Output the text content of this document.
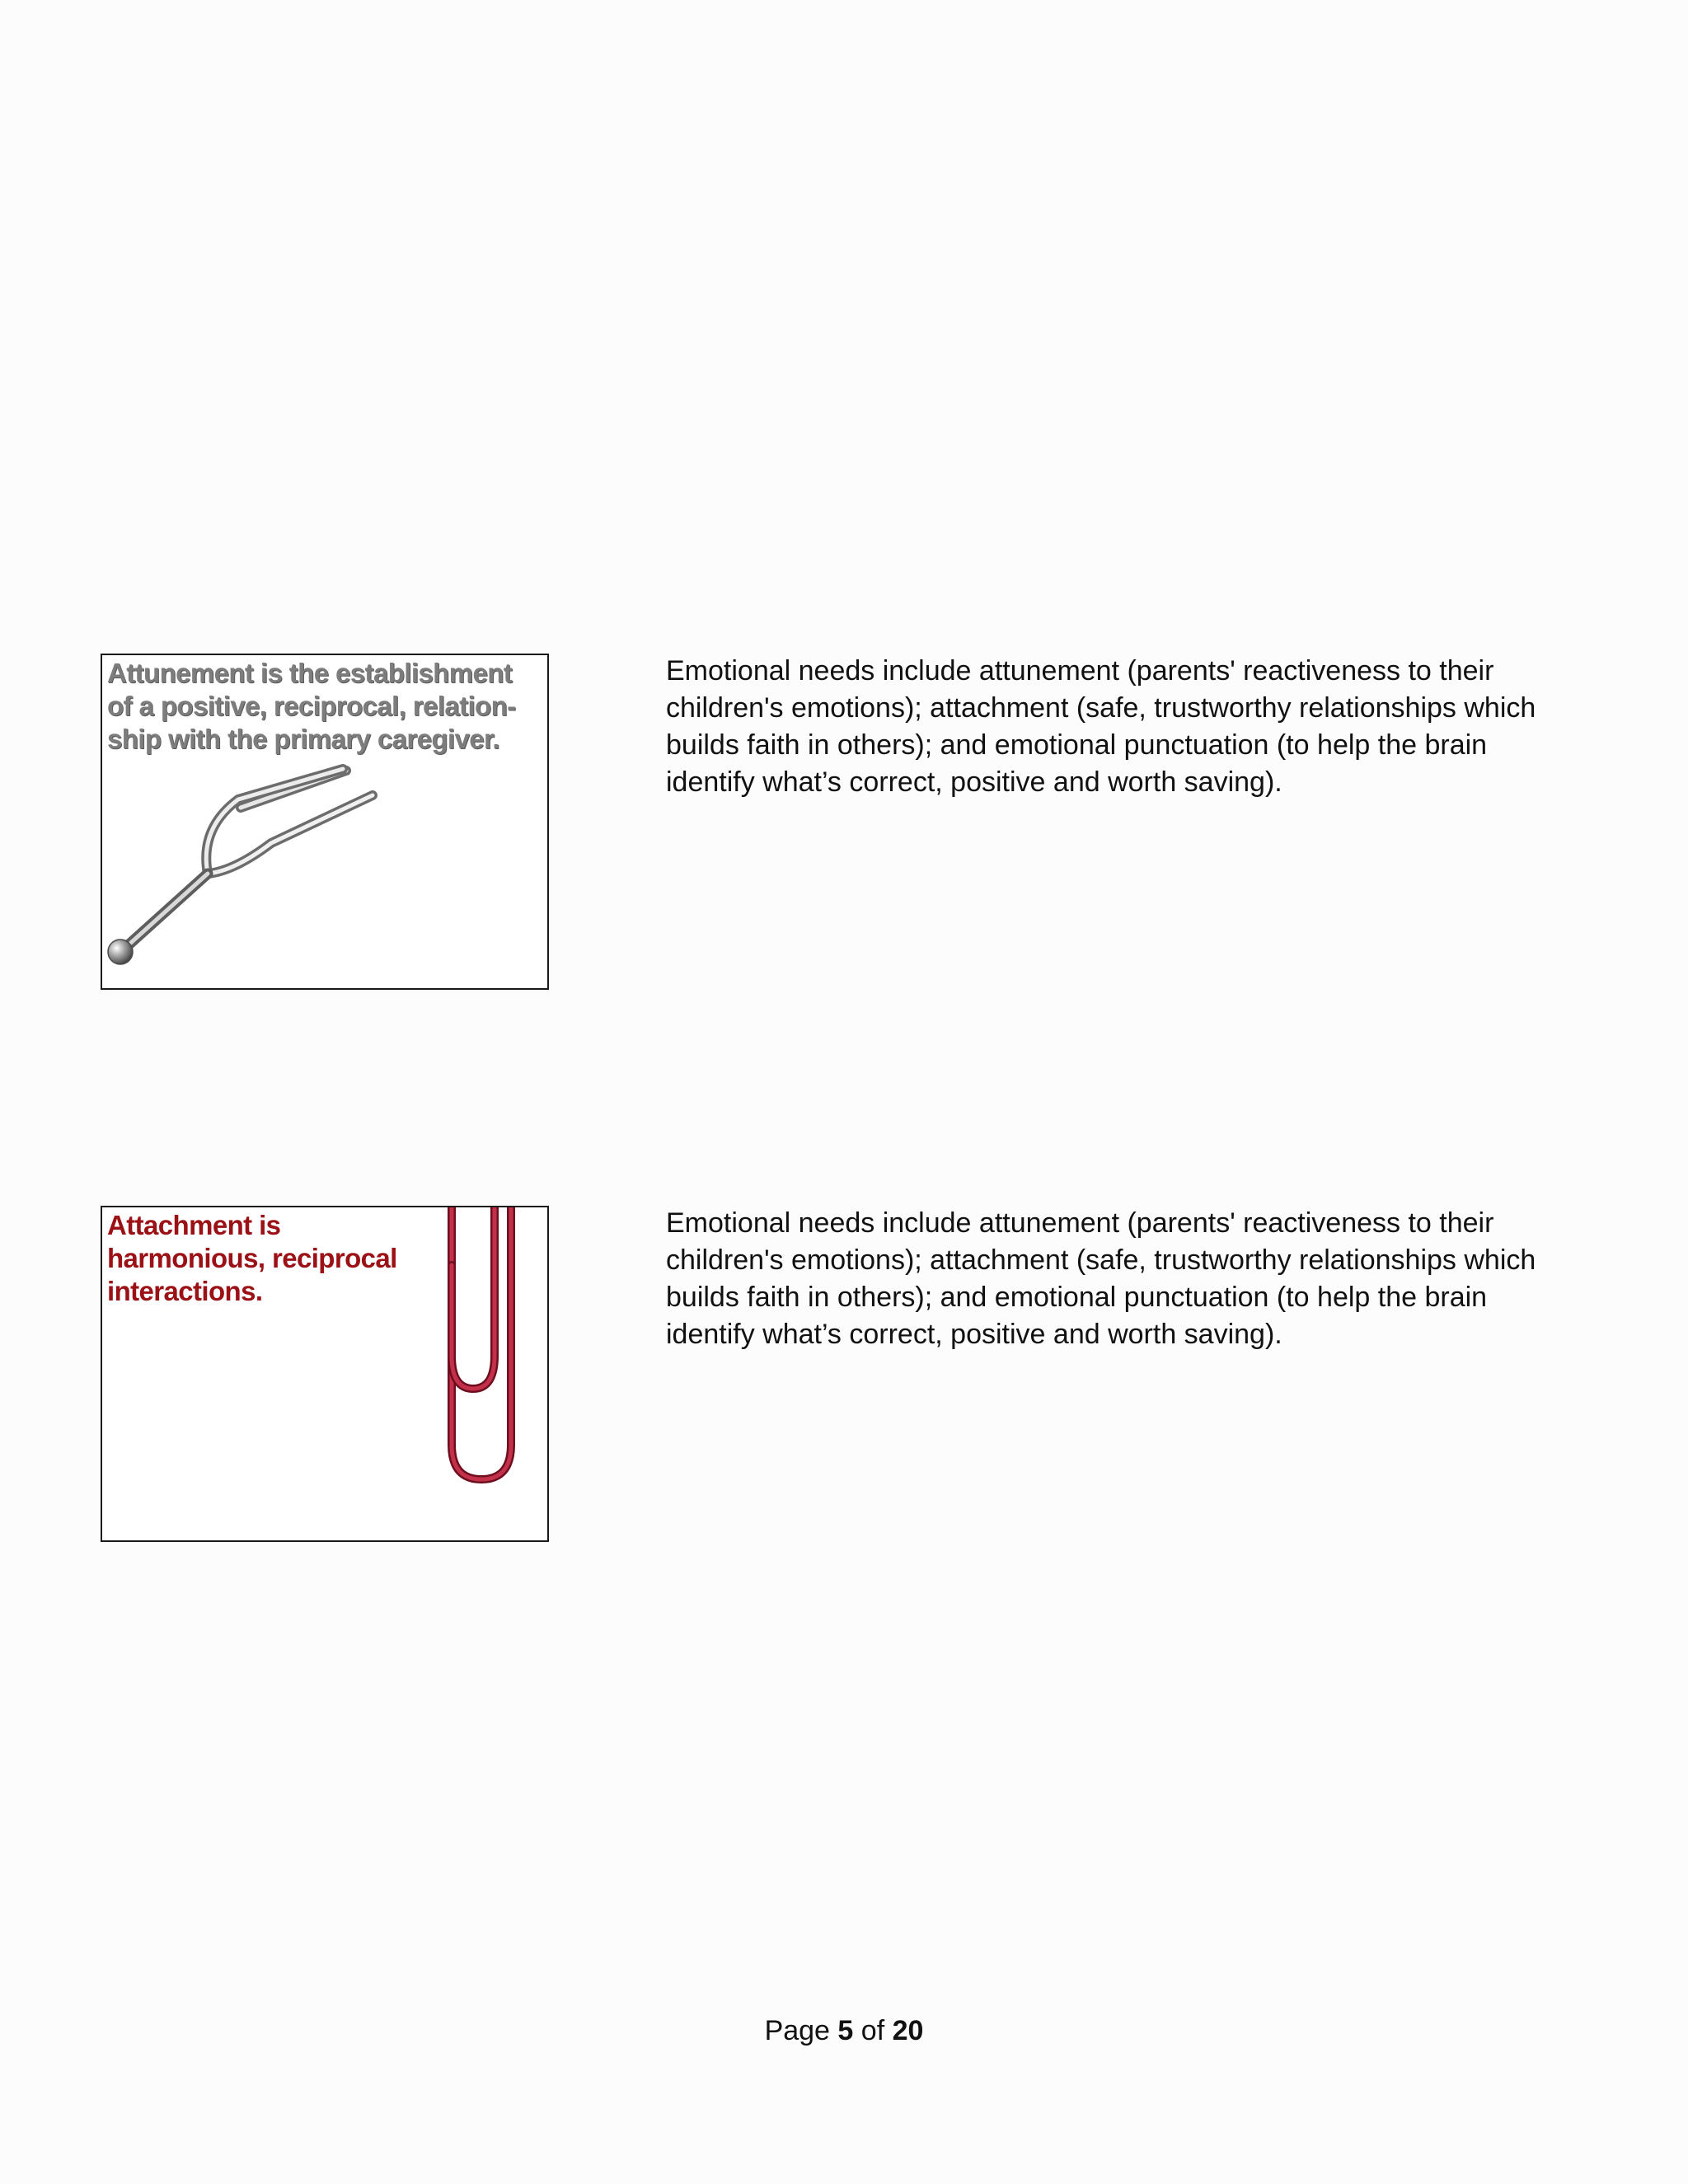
Attunement is the establishment
of a positive, reciprocal, relation-
ship with the primary caregiver.

Emotional needs include attunement (parents' reactiveness to their
children's emotions); attachment (safe, trustworthy relationships which
builds faith in others); and emotional punctuation (to help the brain
identify what’s correct, positive and worth saving).

Attachment is
harmonious, reciprocal
interactions.

Emotional needs include attunement (parents' reactiveness to their
children's emotions); attachment (safe, trustworthy relationships which
builds faith in others); and emotional punctuation (to help the brain
identify what’s correct, positive and worth saving).

Page 5 of 20
